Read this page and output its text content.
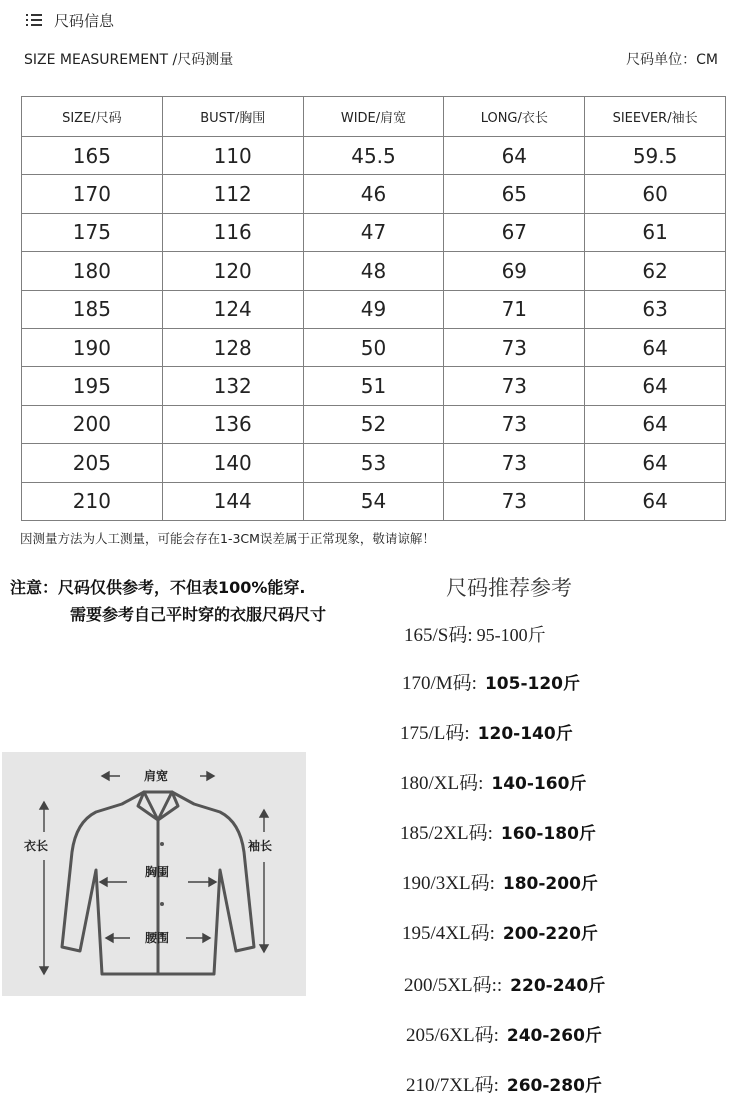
尺码信息
SIZE MEASUREMENT /尺码测量	尺码单位：CM
SIZE/尺码	BUST/胸围	WIDE/肩宽	LONG/衣长	SIEEVER/袖长
165	110	45.5	64	59.5
170	112	46	65	60
175	116	47	67	61
180	120	48	69	62
185	124	49	71	63
190	128	50	73	64
195	132	51	73	64
200	136	52	73	64
205	140	53	73	64
210	144	54	73	64
因测量方法为人工测量，可能会存在1-3CM误差属于正常现象，敬请谅解！
注意：尺码仅供参考，不但表100%能穿.
需要参考自己平时穿的衣服尺码尺寸
尺码推荐参考
165/S码: 95-100斤
170/M码: 105-120斤
175/L码: 120-140斤
180/XL码: 140-160斤
185/2XL码: 160-180斤
190/3XL码: 180-200斤
195/4XL码: 200-220斤
200/5XL码:: 220-240斤
205/6XL码: 240-260斤
210/7XL码: 260-280斤
肩宽
衣长	袖长
胸围
腰围
